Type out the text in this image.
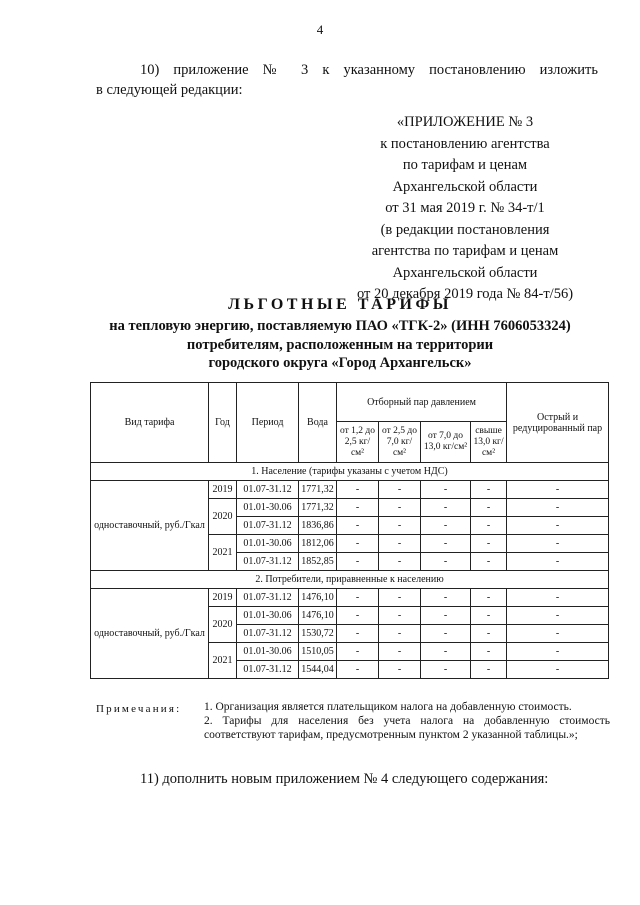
4
10) приложение № 3 к указанному постановлению изложить
в следующей редакции:
«ПРИЛОЖЕНИЕ № 3
к постановлению агентства
по тарифам и ценам
Архангельской области
от 31 мая 2019 г. № 34-т/1
(в редакции постановления
агентства по тарифам и ценам
Архангельской области
от 20 декабря 2019 года № 84-т/56)
ЛЬГОТНЫЕ ТАРИФЫ
на тепловую энергию, поставляемую ПАО «ТГК-2» (ИНН 7606053324)
потребителям, расположенным на территории
городского округа «Город Архангельск»
Вид тарифа	Год	Период	Вода	Отборный пар давлением				Острый и редуцированный пар
				от 1,2 до 2,5 кг/см²	от 2,5 до 7,0 кг/см²	от 7,0 до 13,0 кг/см²	свыше 13,0 кг/см²	
1. Население (тарифы указаны с учетом НДС)								
одноставочный, руб./Гкал	2019	01.07-31.12	1771,32	-	-	-	-	-
	2020	01.01-30.06	1771,32	-	-	-	-	-
		01.07-31.12	1836,86	-	-	-	-	-
	2021	01.01-30.06	1812,06	-	-	-	-	-
		01.07-31.12	1852,85	-	-	-	-	-
2. Потребители, приравненные к населению								
одноставочный, руб./Гкал	2019	01.07-31.12	1476,10	-	-	-	-	-
	2020	01.01-30.06	1476,10	-	-	-	-	-
		01.07-31.12	1530,72	-	-	-	-	-
	2021	01.01-30.06	1510,05	-	-	-	-	-
		01.07-31.12	1544,04	-	-	-	-	-
Примечания: 1. Организация является плательщиком налога на добавленную стоимость.
2. Тарифы для населения без учета налога на добавленную стоимость соответствуют тарифам, предусмотренным пунктом 2 указанной таблицы.»;
11) дополнить новым приложением № 4 следующего содержания:
